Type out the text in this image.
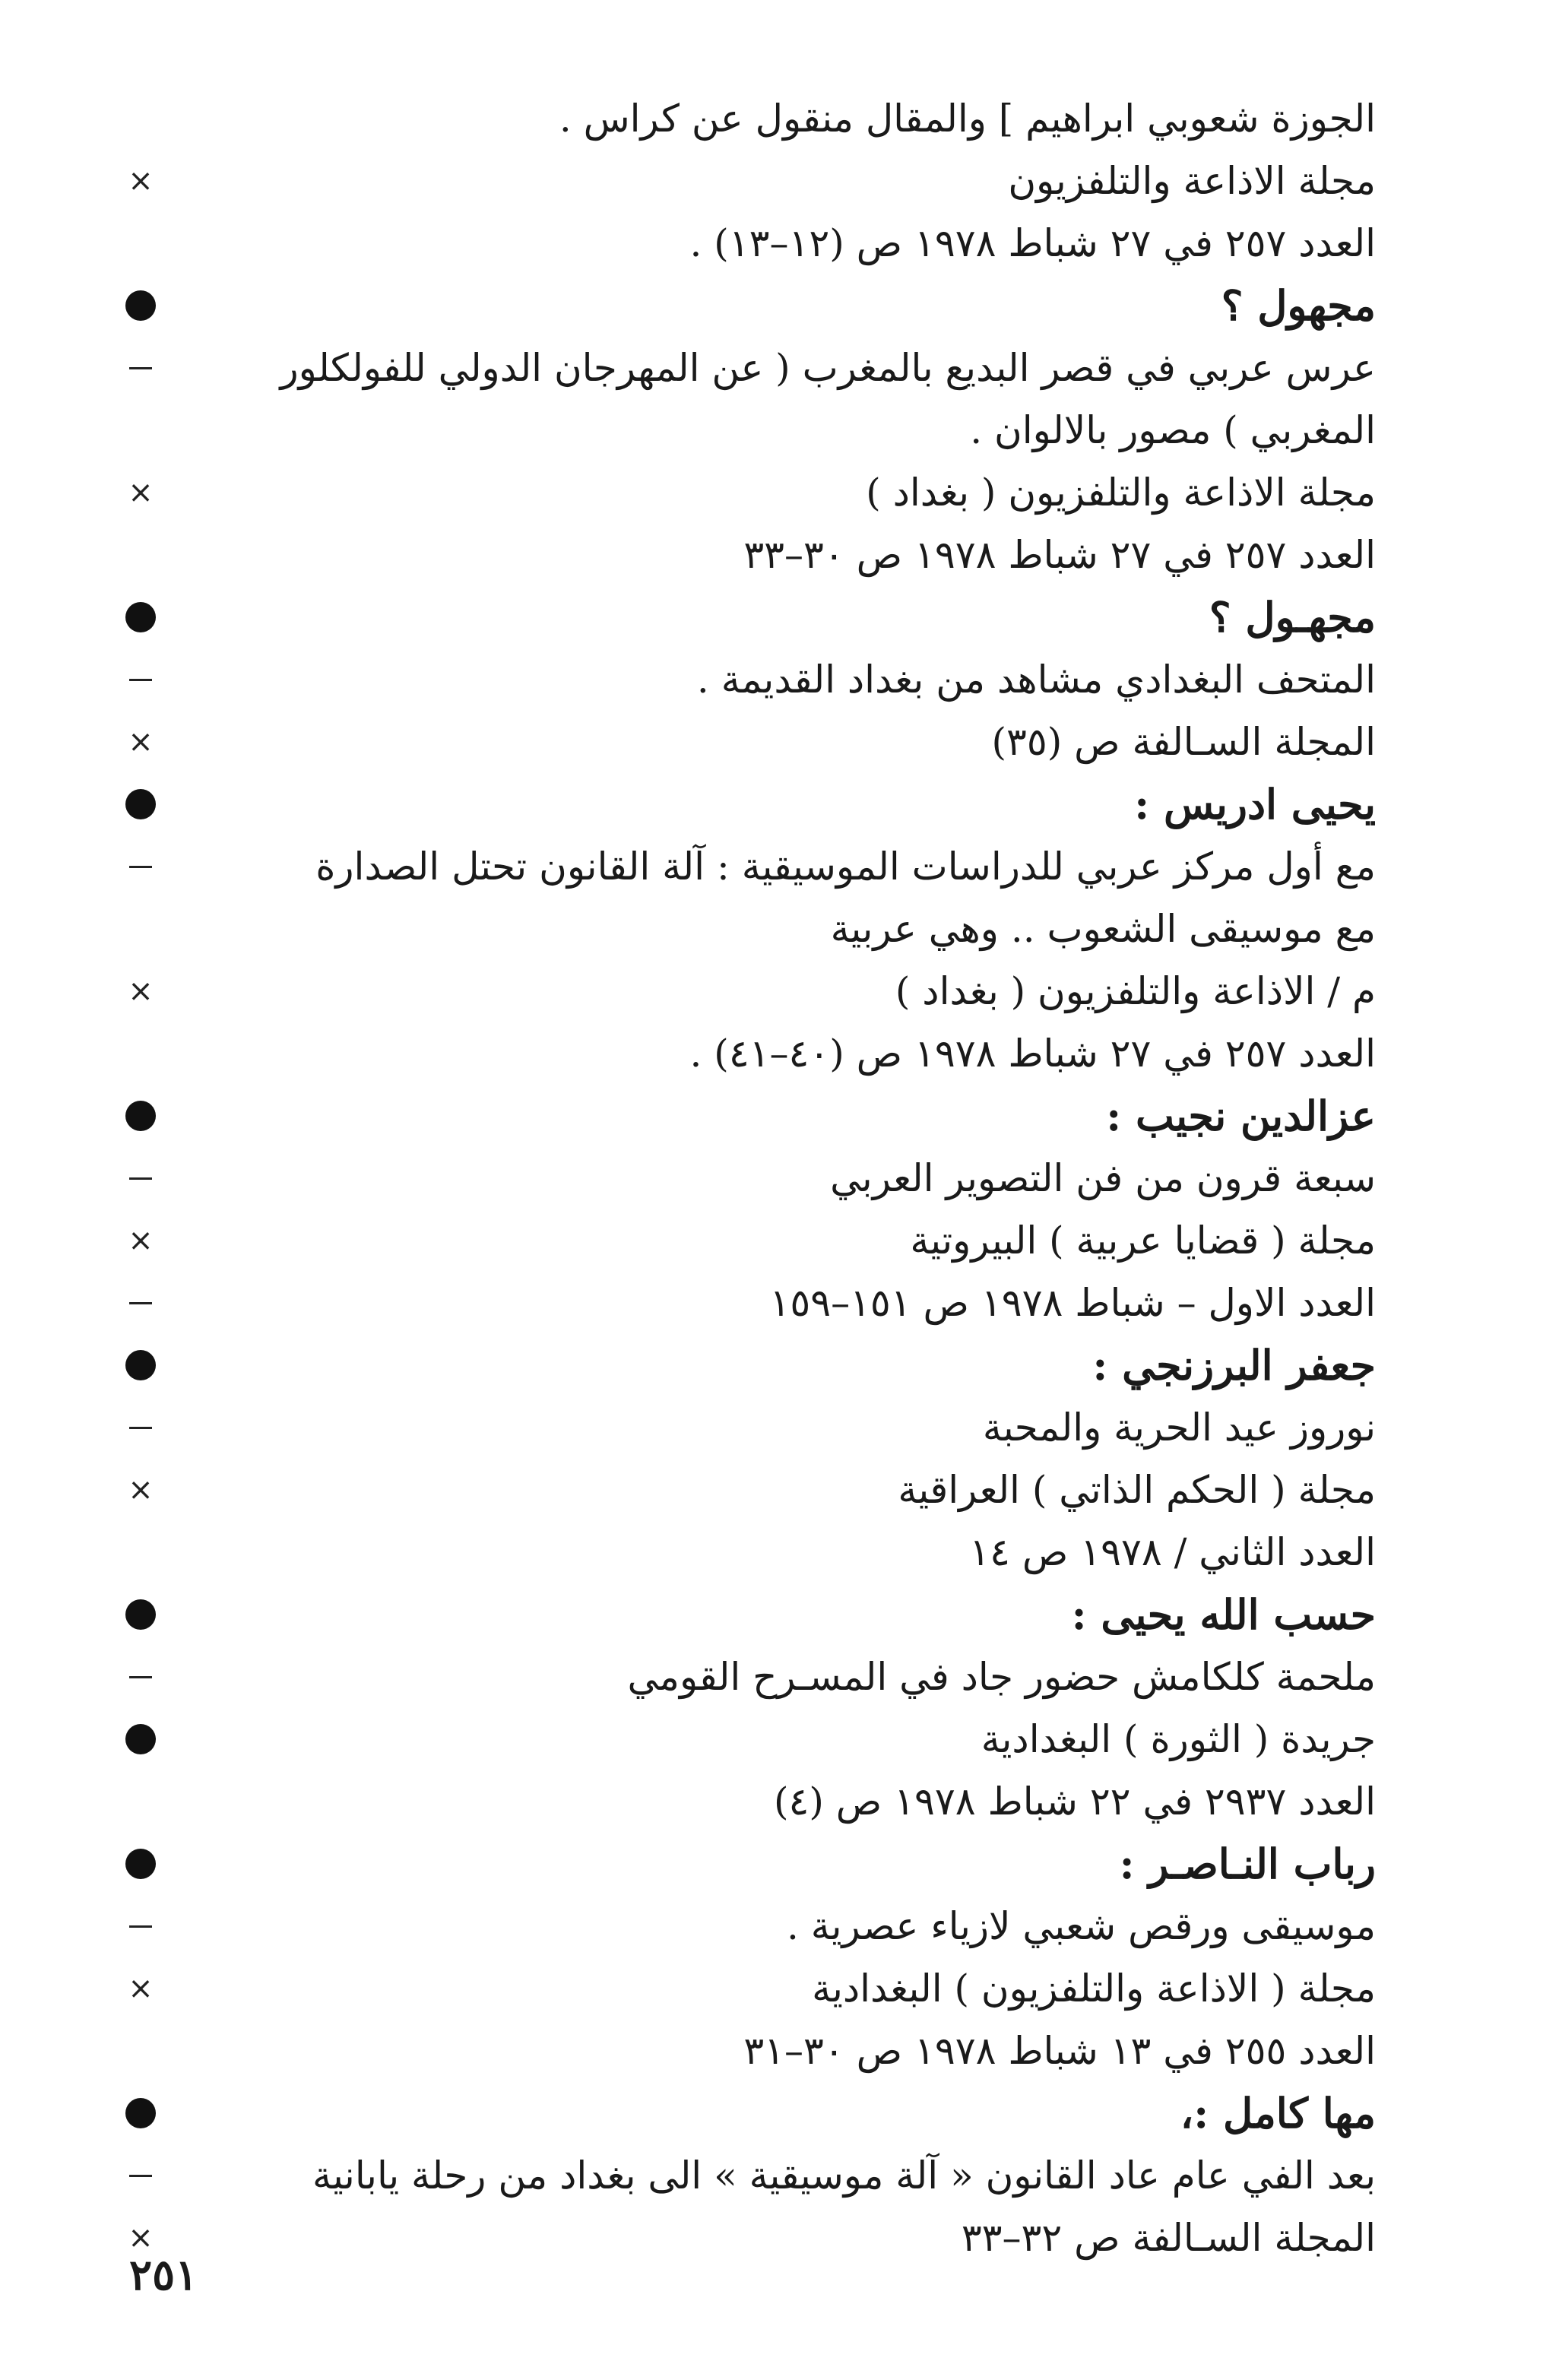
الجوزة شعوبي ابراهيم ] والمقال منقول عن كراس .
×	مجلة الاذاعة والتلفزيون
العدد ٢٥٧ في ٢٧ شباط ١٩٧٨ ص (١٢–١٣) .
مجهول ؟
عرس عربي في قصر البديع بالمغرب ( عن المهرجان الدولي للفولكلور
المغربي ) مصور بالالوان .
×	مجلة الاذاعة والتلفزيون ( بغداد )
العدد ٢٥٧ في ٢٧ شباط ١٩٧٨ ص ٣٠–٣٣
مجهـول ؟
المتحف البغدادي مشاهد من بغداد القديمة .
×	المجلة السـالفة ص (٣٥)
يحيى ادريس :
مع أول مركز عربي للدراسات الموسيقية : آلة القانون تحتل الصدارة
مع موسيقى الشعوب .. وهي عربية
×	م / الاذاعة والتلفزيون ( بغداد )
العدد ٢٥٧ في ٢٧ شباط ١٩٧٨ ص (٤٠–٤١) .
عزالدين نجيب :
سبعة قرون من فن التصوير العربي
×	مجلة ( قضايا عربية ) البيروتية
العدد الاول – شباط ١٩٧٨ ص ١٥١–١٥٩
جعفر البرزنجي :
نوروز عيد الحرية والمحبة
×	مجلة ( الحكم الذاتي ) العراقية
العدد الثاني / ١٩٧٨ ص ١٤
حسب الله يحيى :
ملحمة كلكامش حضور جاد في المسـرح القومي
جريدة ( الثورة ) البغدادية
العدد ٢٩٣٧ في ٢٢ شباط ١٩٧٨ ص (٤)
رباب النـاصـر :
موسيقى ورقص شعبي لازياء عصرية .
×	مجلة ( الاذاعة والتلفزيون ) البغدادية
العدد ٢٥٥ في ١٣ شباط ١٩٧٨ ص ٣٠–٣١
مها كامل :،
بعد الفي عام عاد القانون « آلة موسيقية » الى بغداد من رحلة يابانية
×	المجلة السـالفة ص ٣٢–٣٣
٢٥١
